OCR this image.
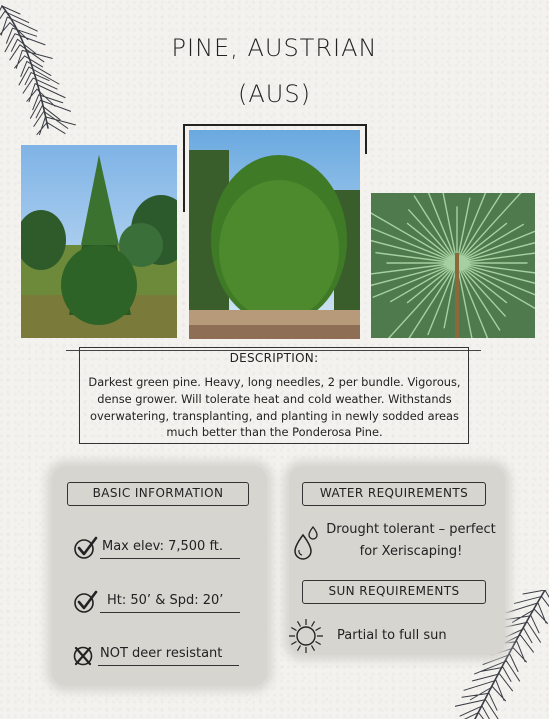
PINE, AUSTRIAN
(AUS)
DESCRIPTION:
Darkest green pine. Heavy, long needles, 2 per bundle. Vigorous, dense grower. Will tolerate heat and cold weather. Withstands overwatering, transplanting, and planting in newly sodded areas much better than the Ponderosa Pine.
BASIC INFORMATION
Max elev: 7,500 ft.
Ht: 50’ & Spd: 20’
NOT deer resistant
WATER REQUIREMENTS
Drought tolerant – perfect for Xeriscaping!
SUN REQUIREMENTS
Partial to full sun
